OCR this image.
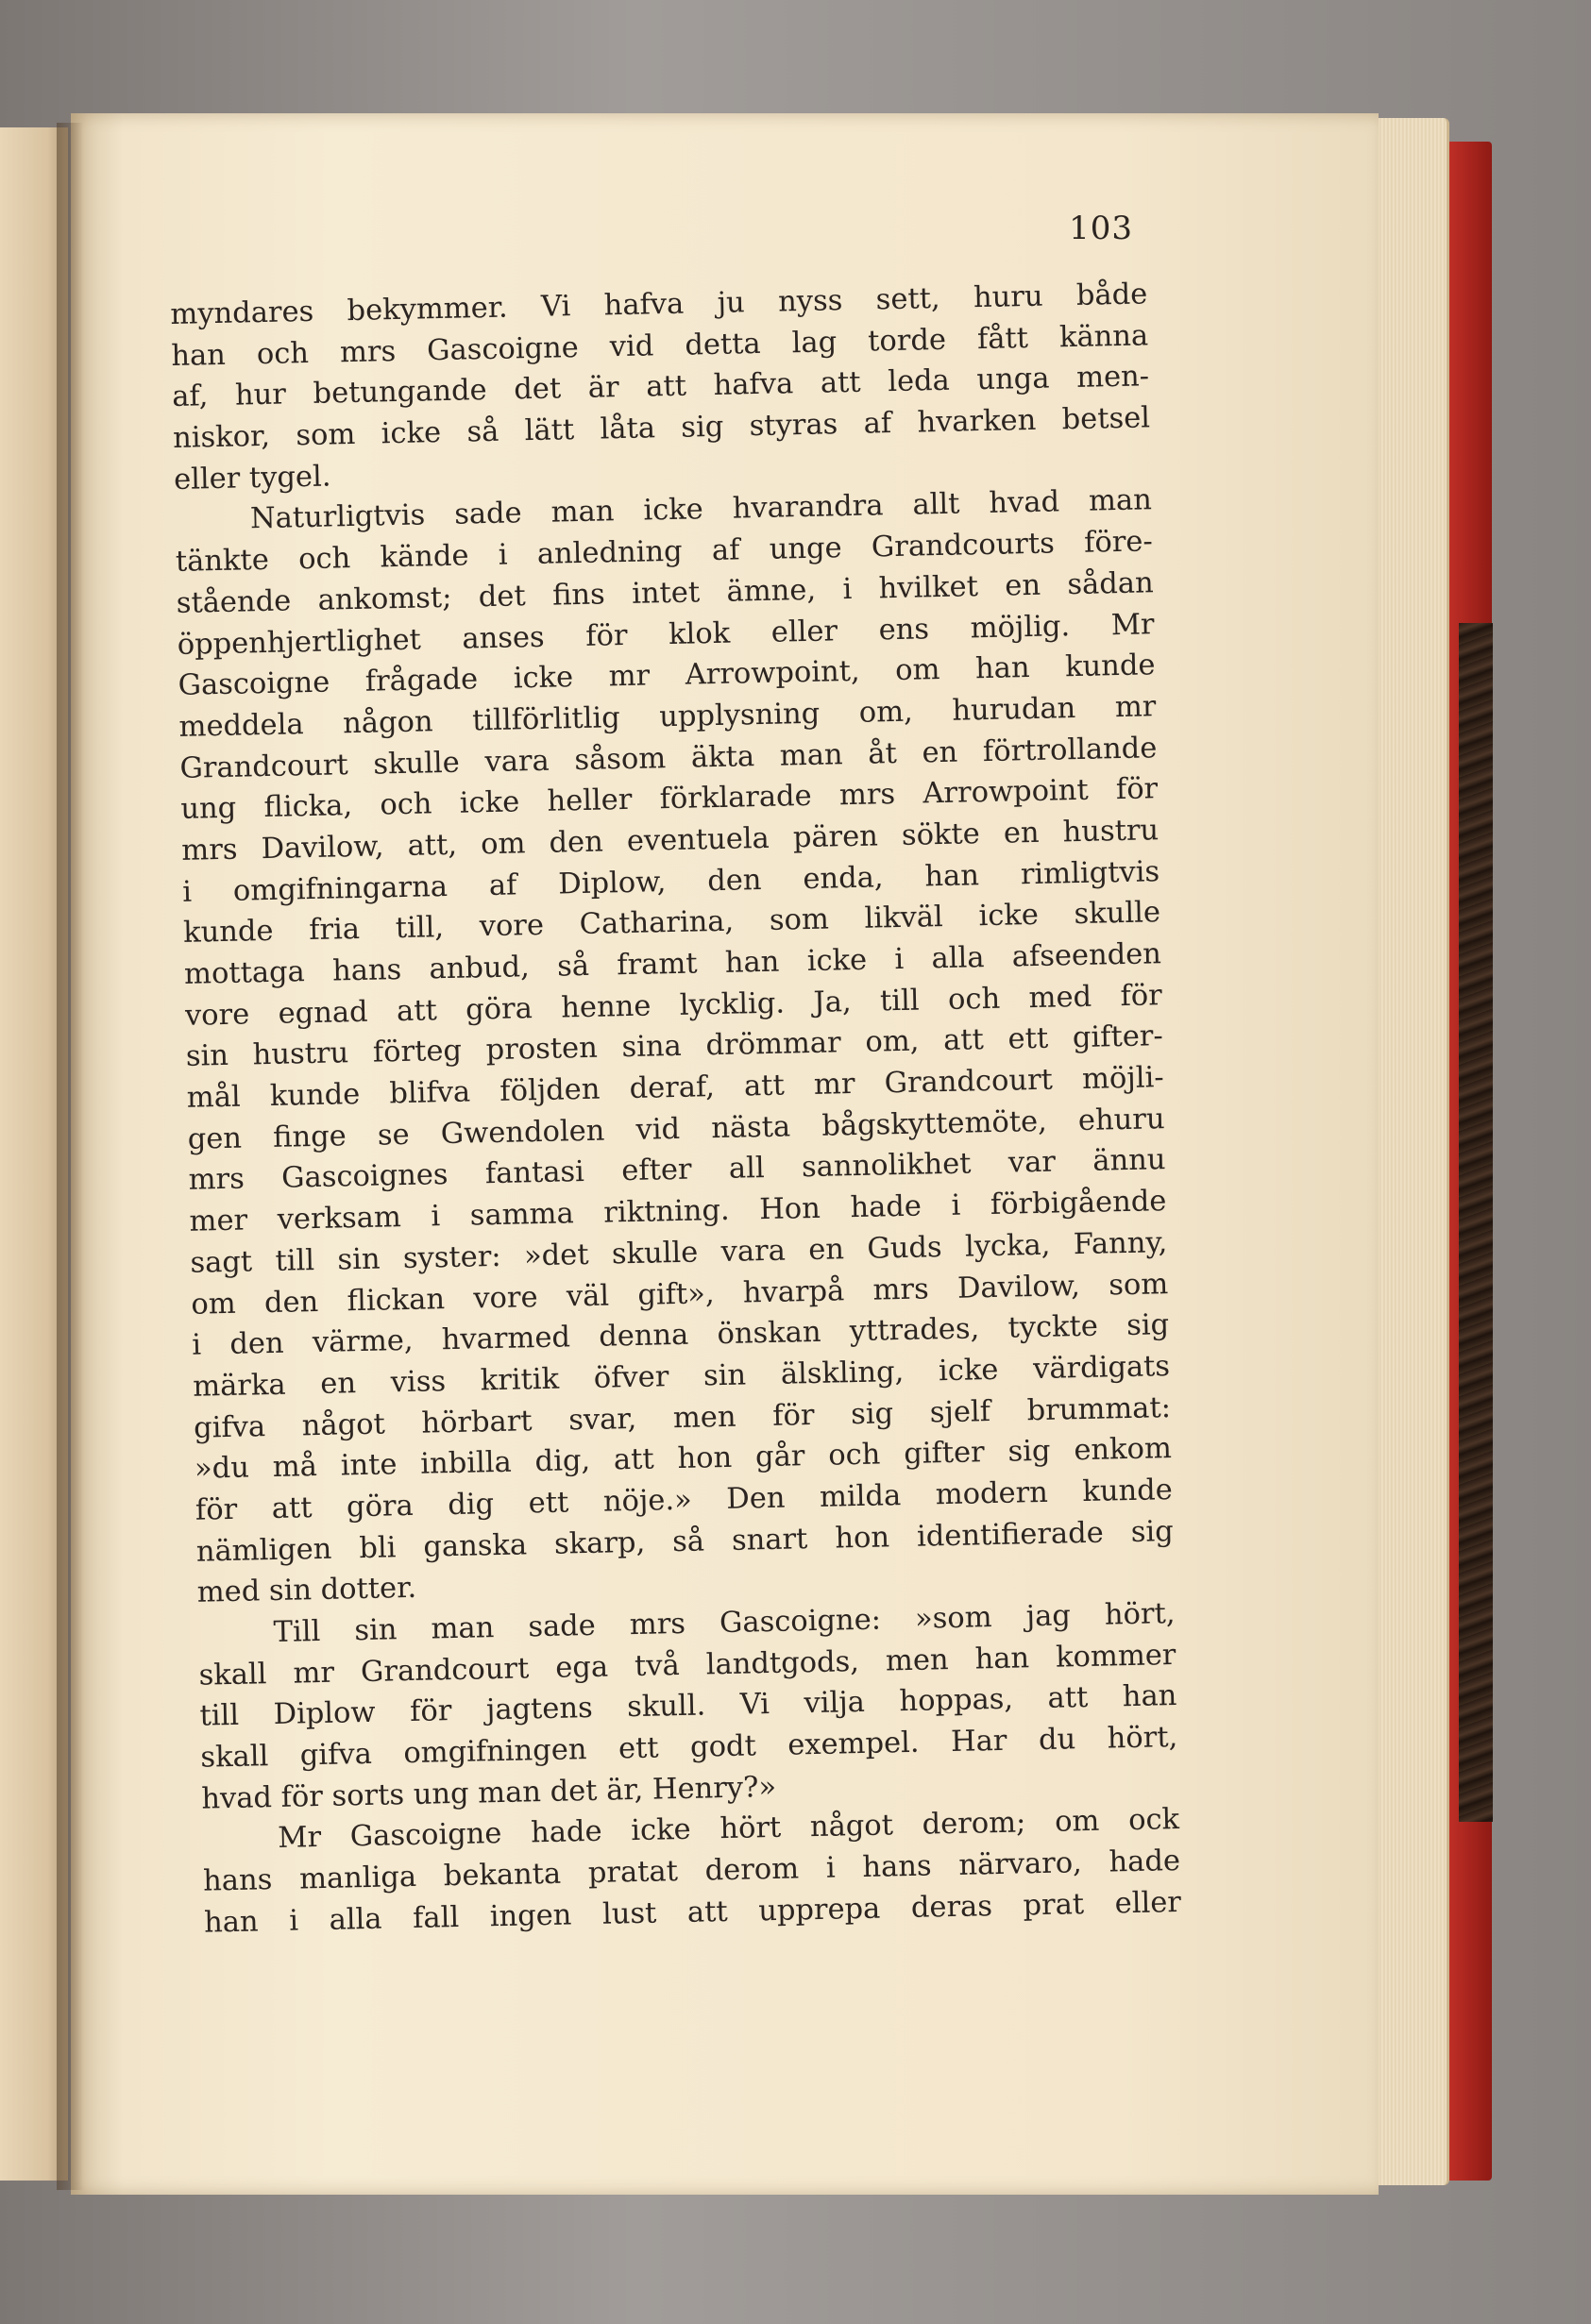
103
myndares bekymmer. Vi hafva ju nyss sett, huru både
han och mrs Gascoigne vid detta lag torde fått känna
af, hur betungande det är att hafva att leda unga men-
niskor, som icke så lätt låta sig styras af hvarken betsel
eller tygel.
Naturligtvis sade man icke hvarandra allt hvad man
tänkte och kände i anledning af unge Grandcourts före-
stående ankomst; det fins intet ämne, i hvilket en sådan
öppenhjertlighet anses för klok eller ens möjlig. Mr
Gascoigne frågade icke mr Arrowpoint, om han kunde
meddela någon tillförlitlig upplysning om, hurudan mr
Grandcourt skulle vara såsom äkta man åt en förtrollande
ung flicka, och icke heller förklarade mrs Arrowpoint för
mrs Davilow, att, om den eventuela pären sökte en hustru
i omgifningarna af Diplow, den enda, han rimligtvis
kunde fria till, vore Catharina, som likväl icke skulle
mottaga hans anbud, så framt han icke i alla afseenden
vore egnad att göra henne lycklig. Ja, till och med för
sin hustru förteg prosten sina drömmar om, att ett gifter-
mål kunde blifva följden deraf, att mr Grandcourt möjli-
gen finge se Gwendolen vid nästa bågskyttemöte, ehuru
mrs Gascoignes fantasi efter all sannolikhet var ännu
mer verksam i samma riktning. Hon hade i förbigående
sagt till sin syster: »det skulle vara en Guds lycka, Fanny,
om den flickan vore väl gift», hvarpå mrs Davilow, som
i den värme, hvarmed denna önskan yttrades, tyckte sig
märka en viss kritik öfver sin älskling, icke värdigats
gifva något hörbart svar, men för sig sjelf brummat:
»du må inte inbilla dig, att hon går och gifter sig enkom
för att göra dig ett nöje.» Den milda modern kunde
nämligen bli ganska skarp, så snart hon identifierade sig
med sin dotter.
Till sin man sade mrs Gascoigne: »som jag hört,
skall mr Grandcourt ega två landtgods, men han kommer
till Diplow för jagtens skull. Vi vilja hoppas, att han
skall gifva omgifningen ett godt exempel. Har du hört,
hvad för sorts ung man det är, Henry?»
Mr Gascoigne hade icke hört något derom; om ock
hans manliga bekanta pratat derom i hans närvaro, hade
han i alla fall ingen lust att upprepa deras prat eller
